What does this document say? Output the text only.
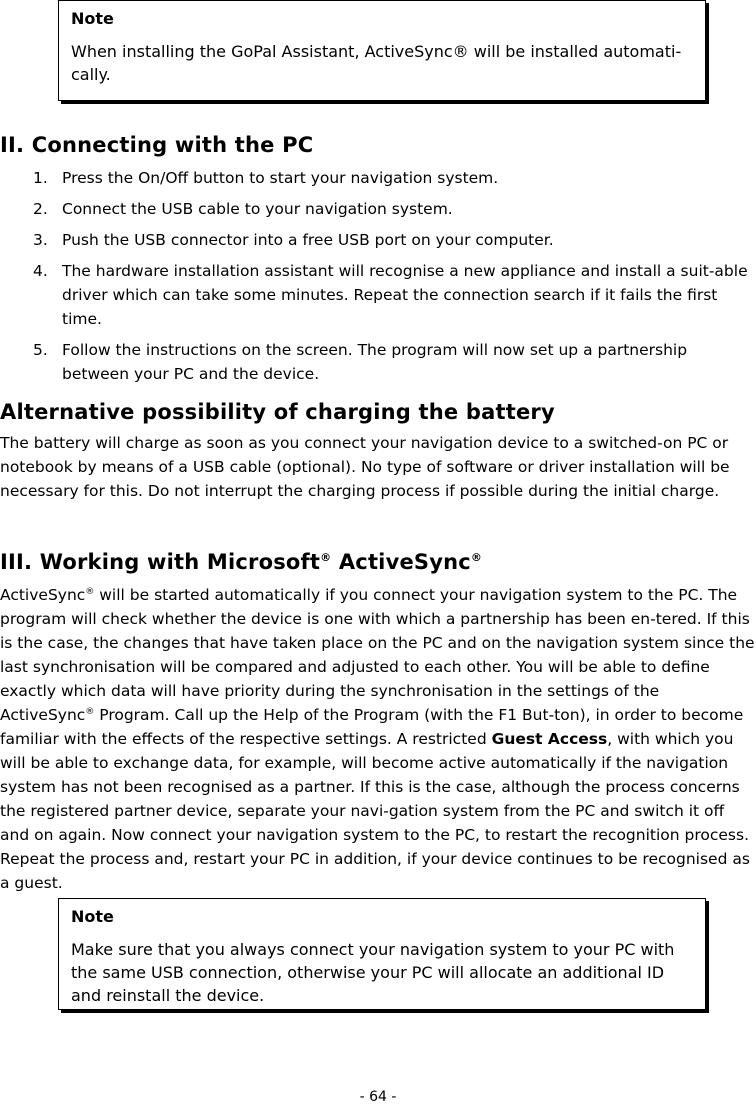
Note

When installing the GoPal Assistant, ActiveSync® will be installed automati-cally.

II. Connecting with the PC
1. Press the On/Off button to start your navigation system.
2. Connect the USB cable to your navigation system.
3. Push the USB connector into a free USB port on your computer.
4. The hardware installation assistant will recognise a new appliance and install a suit-able driver which can take some minutes. Repeat the connection search if it fails the first time.
5. Follow the instructions on the screen. The program will now set up a partnership between your PC and the device.
Alternative possibility of charging the battery

The battery will charge as soon as you connect your navigation device to a switched-on PC or notebook by means of a USB cable (optional). No type of software or driver installation will be necessary for this. Do not interrupt the charging process if possible during the initial charge.

III. Working with Microsoft® ActiveSync®

ActiveSync® will be started automatically if you connect your navigation system to the PC. The program will check whether the device is one with which a partnership has been en-tered. If this is the case, the changes that have taken place on the PC and on the navigation system since the last synchronisation will be compared and adjusted to each other. You will be able to define exactly which data will have priority during the synchronisation in the settings of the ActiveSync® Program. Call up the Help of the Program (with the F1 But-ton), in order to become familiar with the effects of the respective settings. A restricted Guest Access, with which you will be able to exchange data, for example, will become active automatically if the navigation system has not been recognised as a partner. If this is the case, although the process concerns the registered partner device, separate your navi-gation system from the PC and switch it off and on again. Now connect your navigation system to the PC, to restart the recognition process. Repeat the process and, restart your PC in addition, if your device continues to be recognised as a guest.

Note

Make sure that you always connect your navigation system to your PC with the same USB connection, otherwise your PC will allocate an additional ID and reinstall the device.

- 64 -
